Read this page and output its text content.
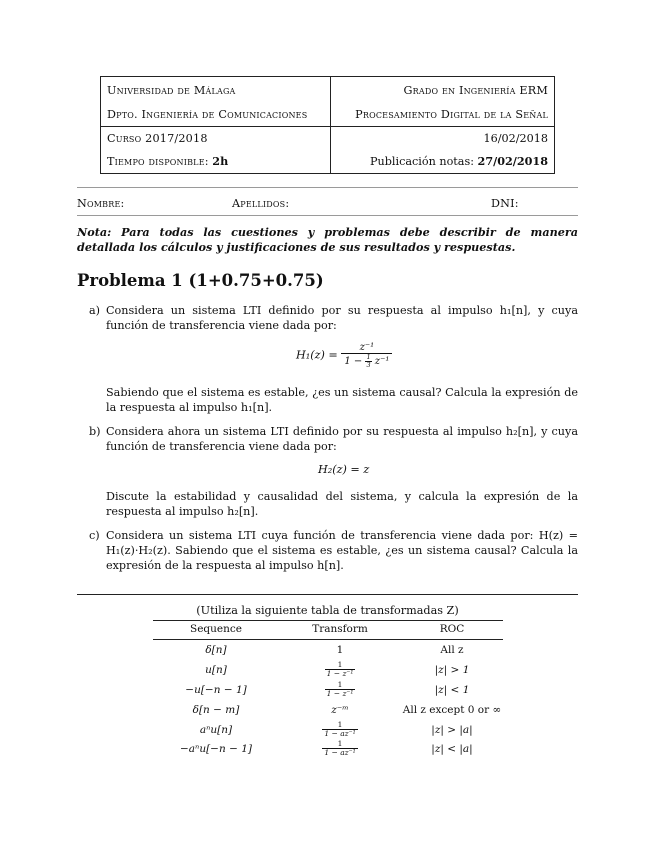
Universidad de Málaga	Grado en Ingeniería ERM
Dpto. Ingeniería de Comunicaciones	Procesamiento Digital de la Señal
Curso 2017/2018	16/02/2018
Tiempo disponible: 2h	Publicación notas: 27/02/2018
Nombre:	Apellidos:	DNI:
Nota: Para todas las cuestiones y problemas debe describir de manera detallada los cálculos y justificaciones de sus resultados y respuestas.
Problema 1 (1+0.75+0.75)
a) Considera un sistema LTI definido por su respuesta al impulso h₁[n], y cuya función de transferencia viene dada por:
$H_1(z) = \frac{\text{z⁻¹}}{1 - \frac{1}{3} z^{-1}}$
Sabiendo que el sistema es estable, ¿es un sistema causal? Calcula la expresión de la respuesta al impulso h₁[n].
b) Considera ahora un sistema LTI definido por su respuesta al impulso h₂[n], y cuya función de transferencia viene dada por:
H₂(z) = z
Discute la estabilidad y causalidad del sistema, y calcula la expresión de la respuesta al impulso h₂[n].
c) Considera un sistema LTI cuya función de transferencia viene dada por: H(z) = H₁(z)·H₂(z). Sabiendo que el sistema es estable, ¿es un sistema causal? Calcula la expresión de la respuesta al impulso h[n].
(Utiliza la siguiente tabla de transformadas Z)
Sequence	Transform	ROC
δ[n]	1	All z
u[n]	$\frac{1}{\text{1 − z⁻¹}}$	|z| > 1
−u[−n − 1]	$\frac{1}{\text{1 − z⁻¹}}$	|z| < 1
δ[n − m]	z⁻ᵐ	All z except 0 or ∞
aⁿu[n]	$\frac{1}{\text{1 − az⁻¹}}$	|z| > |a|
−aⁿu[−n − 1]	$\frac{1}{\text{1 − az⁻¹}}$	|z| < |a|
